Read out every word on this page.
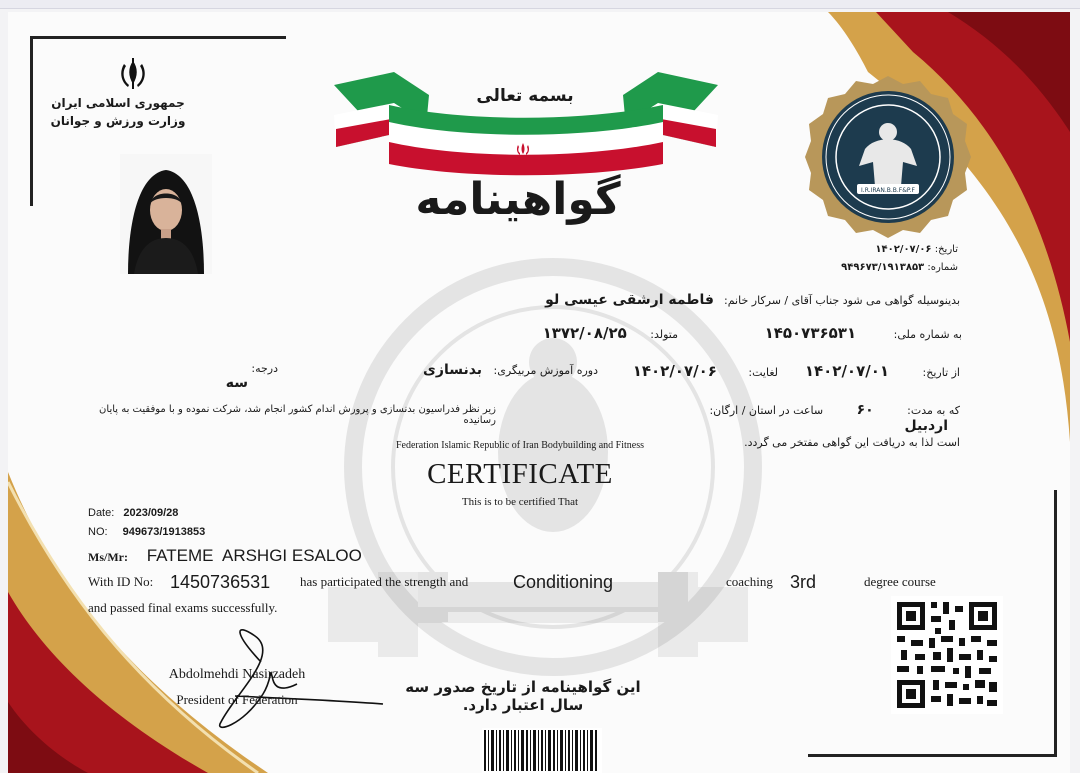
جمهوری اسلامی ایران
وزارت ورزش و جوانان
بسمه تعالی
گواهینامه	I.R.IRAN.B.B.F&P.F
تاریخ: ۱۴۰۲/۰۷/۰۶
شماره: ۹۴۹۶۷۳/۱۹۱۳۸۵۳
بدینوسیله گواهی می شود جناب آقای / سرکار خانم: فاطمه ارشقی عیسی لو
به شماره ملی: ۱۴۵۰۷۳۶۵۳۱
متولد: ۱۳۷۲/۰۸/۲۵
از تاریخ: ۱۴۰۲/۰۷/۰۱
لغایت: ۱۴۰۲/۰۷/۰۶
دوره آموزش مربیگری: بدنسازی
درجه: سه
که به مدت: ۶۰ ساعت در استان / ارگان: اردبیل
زیر نظر فدراسیون بدنسازی و پرورش اندام کشور انجام شد، شرکت نموده و با موفقیت به پایان رسانیده
است لذا به دریافت این گواهی مفتخر می گردد.
Federation Islamic Republic of Iran Bodybuilding and Fitness
CERTIFICATE
This is to be certified That
Date: 2023/09/28
NO: 949673/1913853
Ms/Mr: FATEME  ARSHGI ESALOO
With ID No: 1450736531 has participated the strength and Conditioning	coaching 3rd	degree course
and passed final exams successfully.
Abdolmehdi Nasirzadeh
President of Federation
این گواهینامه از تاریخ صدور سه سال اعتبار دارد.
